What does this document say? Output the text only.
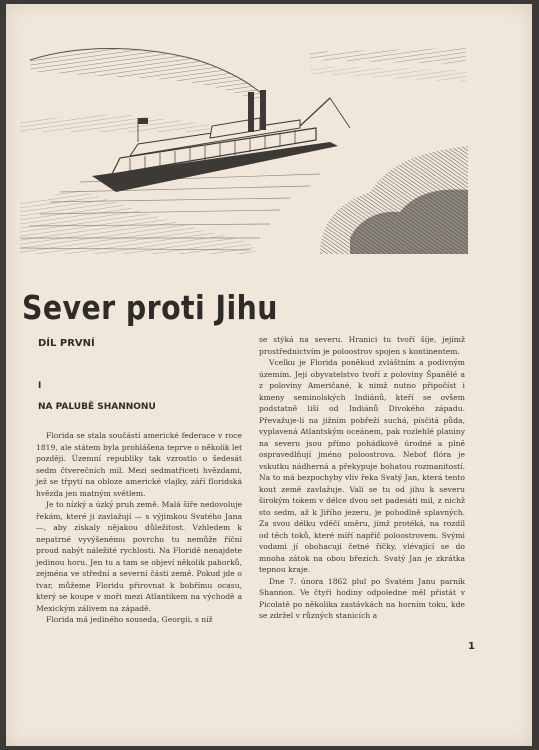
Sever proti Jihu
DÍL PRVNÍ
I
NA PALUBĚ SHANNONU

Florida se stala součástí americké federace v roce 1819, ale státem byla prohlášena teprve o několik let později. Územní republiky tak vzrostlo o šedesát sedm čtverečních mil. Mezi sedmatřiceti hvězdami, jež se třpytí na obloze americké vlajky, září floridská hvězda jen matným světlem.

Je to nízký a úzký pruh země. Malá šíře nedovoluje řekám, které ji zavlažují — s výjimkou Svatého Jana —, aby získaly nějakou důležitost. Vzhledem k nepatrné vyvýšenému povrchu tu nemůže říční proud nabýt náležité rychlosti. Na Floridě nenajdete jedinou horu. Jen tu a tam se objeví několik pahorků, zejména ve střední a severní části země. Pokud jde o tvar, můžeme Floridu přirovnat k bobřímu ocasu, který se koupe v moři mezi Atlantikem na východě a Mexickým zálivem na západě.

Florida má jediného souseda, Georgii, s níž

se stýká na severu. Hranici tu tvoří šíje, jejímž prostřednictvím je poloostrov spojen s kontinentem.

Vcelku je Florida poněkud zvláštním a podivným územím. Její obyvatelstvo tvoří z poloviny Španělé a z poloviny Američané, k nimž nutno připočíst i kmeny seminolských Indiánů, kteří se ovšem podstatně liší od Indiánů Divokého západu. Převažuje-li na jižním pobřeží suchá, písčitá půda, vyplavená Atlantským oceánem, pak rozlehlé planiny na severu jsou přímo pohádkově úrodné a plně ospravedlňují jméno poloostrova. Neboť flóra je vskutku nádherná a překypuje bohatou rozmanitostí. Na to má bezpochyby vliv řeka Svatý Jan, která tento kout země zavlažuje. Valí se tu od jihu k severu širokým tokem v délce dvou set padesáti mil, z nichž sto sedm, až k Jiřího jezeru, je pohodlně splavných. Za svou délku vděčí směru, jímž protéká, na rozdíl od těch toků, které míří napříč poloostrovem. Svými vodami jí obohacují četné říčky, vlévající se do mnoha zátok na obou březích. Svatý Jan je zkrátka tepnou kraje.

Dne 7. února 1862 plul po Svatém Janu parník Shannon. Ve čtyři hodiny odpoledne měl přistát v Picolatě po několika zastávkách na horním toku, kde se zdržel v různých stanicích a

1
